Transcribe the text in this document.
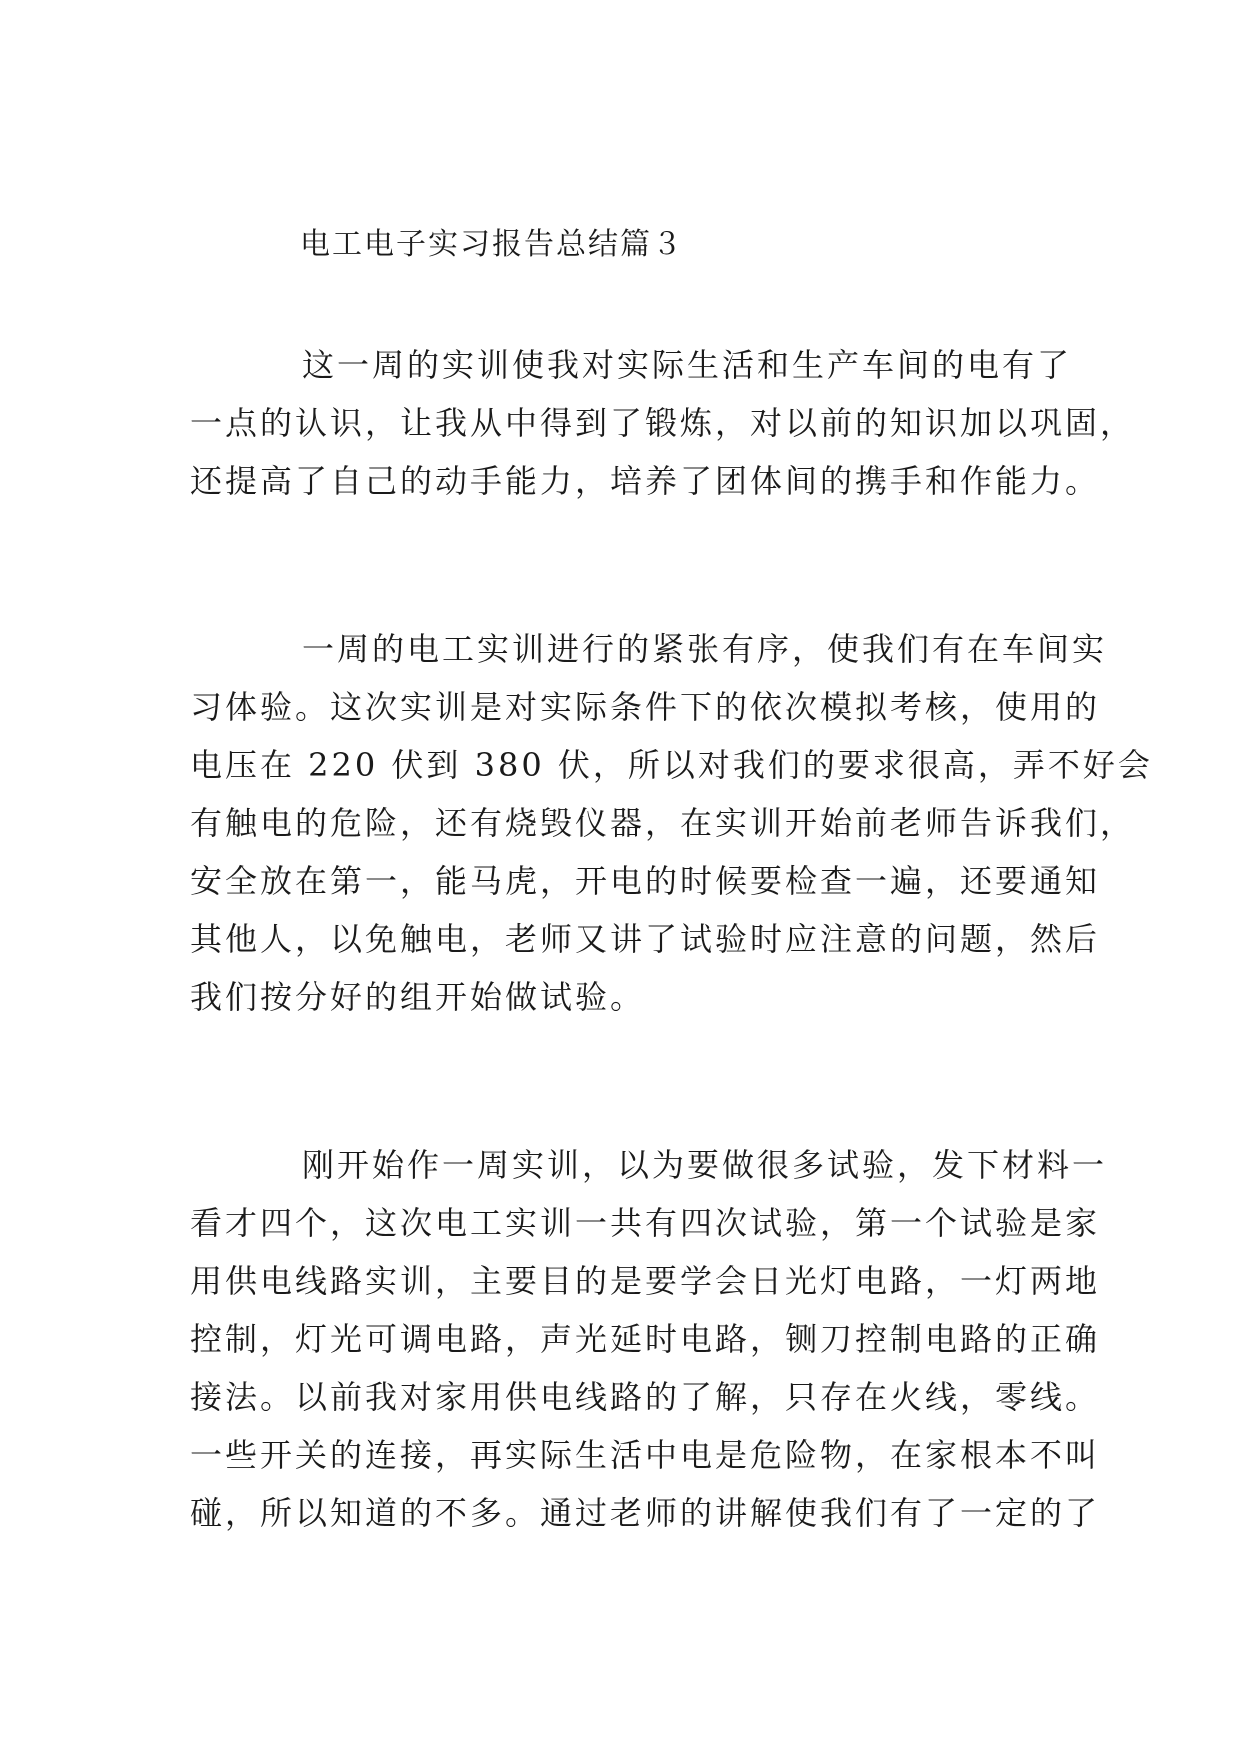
电工电子实习报告总结篇３
这一周的实训使我对实际生活和生产车间的电有了
一点的认识，让我从中得到了锻炼，对以前的知识加以巩固，
还提高了自己的动手能力，培养了团体间的携手和作能力。
一周的电工实训进行的紧张有序，使我们有在车间实
习体验。这次实训是对实际条件下的依次模拟考核，使用的
电压在 220 伏到 380 伏，所以对我们的要求很高，弄不好会
有触电的危险，还有烧毁仪器，在实训开始前老师告诉我们，
安全放在第一，能马虎，开电的时候要检查一遍，还要通知
其他人，以免触电，老师又讲了试验时应注意的问题，然后
我们按分好的组开始做试验。
刚开始作一周实训，以为要做很多试验，发下材料一
看才四个，这次电工实训一共有四次试验，第一个试验是家
用供电线路实训，主要目的是要学会日光灯电路，一灯两地
控制，灯光可调电路，声光延时电路，铡刀控制电路的正确
接法。以前我对家用供电线路的了解，只存在火线，零线。
一些开关的连接，再实际生活中电是危险物，在家根本不叫
碰，所以知道的不多。通过老师的讲解使我们有了一定的了
